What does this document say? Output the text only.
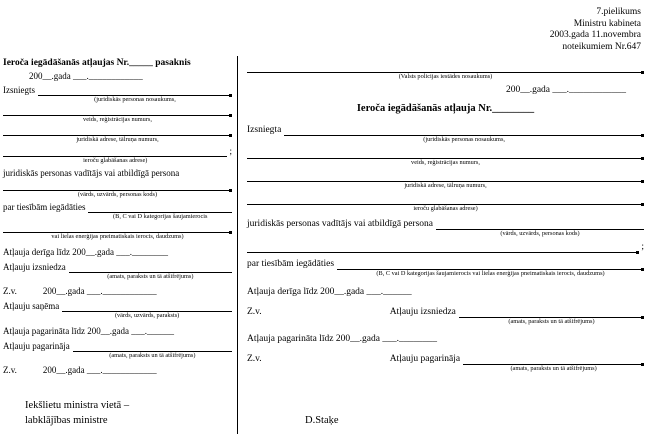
7.pielikums
Ministru kabineta
2003.gada 11.novembra
noteikumiem Nr.647
Ieroča iegādāšanās atļaujas Nr._____ pasaknis
200__.gada ___.____________
Izsniegts
(juridiskās personas nosaukums,
veids, reģistrācijas numurs,
juridiskā adrese, tālruņa numurs,
ieroču glabāšanas adrese)
;
juridiskās personas vadītājs vai atbildīgā persona
(vārds, uzvārds, personas kods)
par tiesībām iegādāties
(B, C vai D kategorijas šaujamierocis
vai lielas enerģijas pneimatiskais ierocis, daudzums)
Atļauja derīga līdz 200__.gada ___.________
Atļauju izsniedza
(amats, paraksts un tā atšifrējums)
Z.v.	200__.gada ___.____________
Atļauju saņēma
(vārds, uzvārds, paraksts)
Atļauja pagarināta līdz 200__.gada ___.______
Atļauju pagarināja
(amats, paraksts un tā atšifrējums)
Z.v.	200__.gada ___.____________
(Valsts policijas iestādes nosaukums)
200__.gada ___.____________
Ieroča iegādāšanās atļauja Nr.________
Izsniegta
(juridiskās personas nosaukums,
veids, reģistrācijas numurs,
juridiskā adrese, tālruņa numurs,
ieroču glabāšanas adrese)
juridiskās personas vadītājs vai atbildīgā persona
(vārds, uzvārds, personas kods)
;
par tiesībām iegādāties
(B, C vai D kategorijas šaujamierocis vai lielas enerģijas pneimatiskais ierocis, daudzums)
Atļauja derīga līdz 200__.gada ___.______
Z.v.	Atļauju izsniedza
(amats, paraksts un tā atšifrējums)
Atļauja pagarināta līdz 200__.gada ___.________
Z.v.	Atļauju pagarināja
(amats, paraksts un tā atšifrējums)
Iekšlietu ministra vietā –
labklājības ministre	D.Staķe
